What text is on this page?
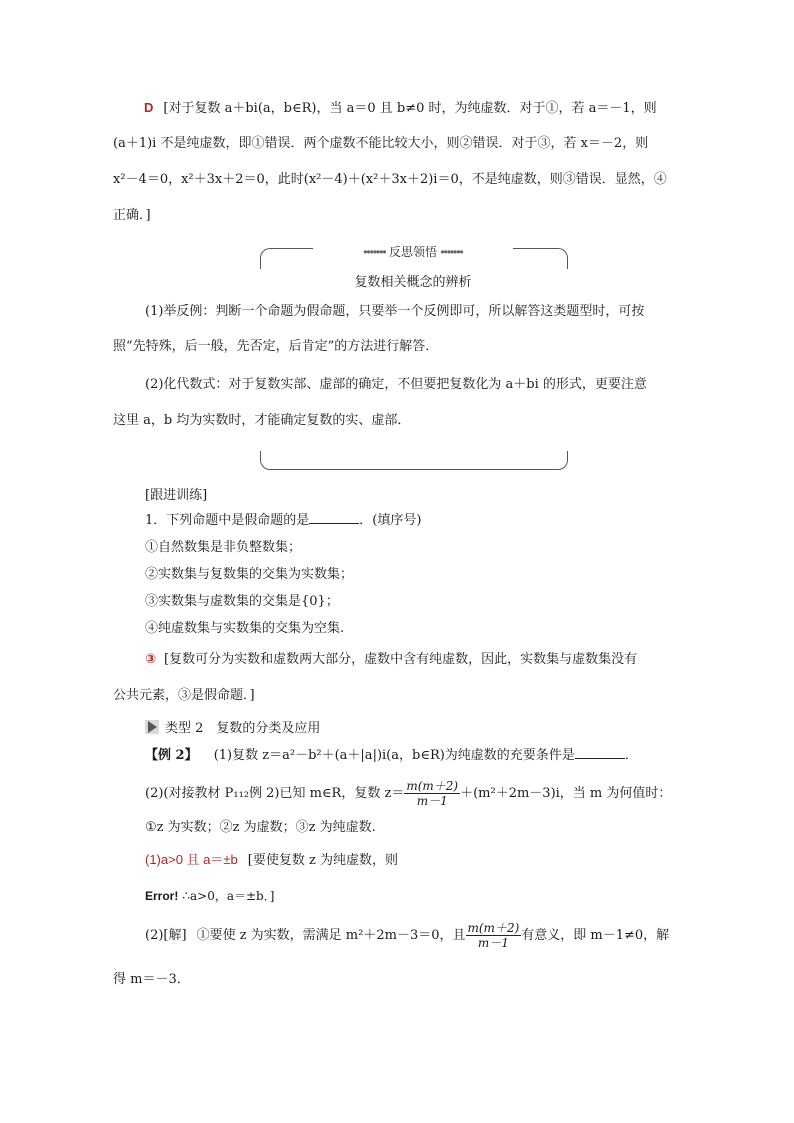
D [对于复数 a＋bi(a，b∈R)，当 a＝0 且 b≠0 时，为纯虚数．对于①，若 a＝－1，则
(a＋1)i 不是纯虚数，即①错误．两个虚数不能比较大小，则②错误．对于③，若 x＝－2，则
x²－4＝0，x²＋3x＋2＝0，此时(x²－4)＋(x²＋3x＋2)i＝0，不是纯虚数，则③错误．显然，④
正确．]
••••••• 反思领悟 •••••••
复数相关概念的辨析
(1)举反例：判断一个命题为假命题，只要举一个反例即可，所以解答这类题型时，可按
照“先特殊，后一般，先否定，后肯定”的方法进行解答．
(2)化代数式：对于复数实部、虚部的确定，不但要把复数化为 a＋bi 的形式，更要注意
这里 a，b 均为实数时，才能确定复数的实、虚部．
[跟进训练]
1．下列命题中是假命题的是	．(填序号)
①自然数集是非负整数集；
②实数集与复数集的交集为实数集；
③实数集与虚数集的交集是{0}；
④纯虚数集与实数集的交集为空集.
③ [复数可分为实数和虚数两大部分，虚数中含有纯虚数，因此，实数集与虚数集没有
公共元素，③是假命题．]
类型 2　复数的分类及应用
【例 2】 (1)复数 z＝a²－b²＋(a＋|a|)i(a，b∈R)为纯虚数的充要条件是	．
(2)(对接教材 P₁₁₂例 2)已知 m∈R，复数 $z= \frac{m(m+2)}{m-1} +(m^2+2m-3)i$，当 m 为何值时：
①z 为实数；②z 为虚数；③z 为纯虚数.
(1)a>0 且 a＝±b [要使复数 z 为纯虚数，则
Error! ∴a>0，a＝±b．]
(2)[解] ①要使 z 为实数，需满足 m²＋2m－3＝0，且 $\frac{m(m+2)}{m-1}$ 有意义，即 m－1≠0，解
得 m＝－3．
